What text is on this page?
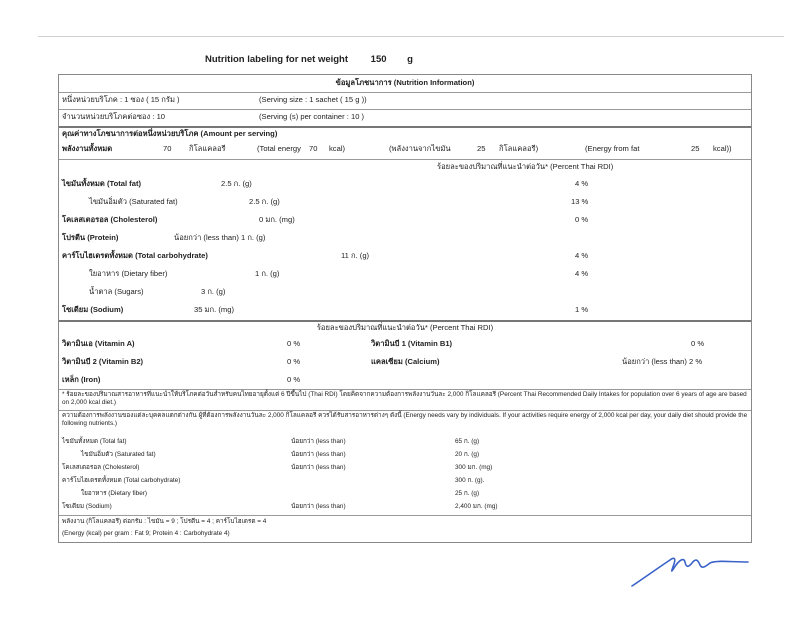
Nutrition labeling for net weight 150 g
ข้อมูลโภชนาการ (Nutrition Information)
หนึ่งหน่วยบริโภค : 1 ซอง ( 15 กรัม )	(Serving size : 1 sachet ( 15 g ))
จำนวนหน่วยบริโภคต่อซอง : 10	(Serving (s) per container : 10 )
คุณค่าทางโภชนาการต่อหนึ่งหน่วยบริโภค (Amount per serving)
พลังงานทั้งหมด	70 กิโลแคลอรี	(Total energy 70 kcal)	(พลังงานจากไขมัน	25 กิโลแคลอรี)	(Energy from fat	25 kcal))
ร้อยละของปริมาณที่แนะนำต่อวัน* (Percent Thai RDI)
ไขมันทั้งหมด (Total fat)	2.5 ก. (g)	4 %
ไขมันอิ่มตัว (Saturated fat)	2.5 ก. (g)	13 %
โคเลสเตอรอล (Cholesterol)	0 มก. (mg)	0 %
โปรตีน (Protein)	น้อยกว่า (less than) 1 ก. (g)
คาร์โบไฮเดรตทั้งหมด (Total carbohydrate)	11 ก. (g)	4 %
ใยอาหาร (Dietary fiber)	1 ก. (g)	4 %
น้ำตาล (Sugars)	3 ก. (g)
โซเดียม (Sodium)	35 มก. (mg)	1 %
ร้อยละของปริมาณที่แนะนำต่อวัน* (Percent Thai RDI)
วิตามินเอ (Vitamin A)	0 %	วิตามินบี 1 (Vitamin B1)	0 %
วิตามินบี 2 (Vitamin B2)	0 %	แคลเซียม (Calcium)	น้อยกว่า (less than) 2 %
เหล็ก (Iron)	0 %
* ร้อยละของปริมาณสารอาหารที่แนะนำให้บริโภคต่อวันสำหรับคนไทยอายุตั้งแต่ 6 ปีขึ้นไป (Thai RDI) โดยคิดจากความต้องการพลังงานวันละ 2,000 กิโลแคลอรี (Percent Thai Recommended Daily Intakes for population over 6 years of age are based on 2,000 kcal diet.)
ความต้องการพลังงานของแต่ละบุคคลแตกต่างกัน ผู้ที่ต้องการพลังงานวันละ 2,000 กิโลแคลอรี ควรได้รับสารอาหารต่างๆ ดังนี้ (Energy needs vary by individuals. If your activities require energy of 2,000 kcal per day, your daily diet should provide the following nutrients.)
ไขมันทั้งหมด (Total fat)	น้อยกว่า (less than)	65 ก. (g)
ไขมันอิ่มตัว (Saturated fat)	น้อยกว่า (less than)	20 ก. (g)
โคเลสเตอรอล (Cholesterol)	น้อยกว่า (less than)	300 มก. (mg)
คาร์โบไฮเดรตทั้งหมด (Total carbohydrate)	300 ก. (g).
ใยอาหาร (Dietary fiber)	25 ก. (g)
โซเดียม (Sodium)	น้อยกว่า (less than)	2,400 มก. (mg)
พลังงาน (กิโลแคลอรี) ต่อกรัม : ไขมัน = 9 ; โปรตีน = 4 ; คาร์โบไฮเดรต = 4
(Energy (kcal) per gram : Fat 9; Protein 4 : Carbohydrate 4)
